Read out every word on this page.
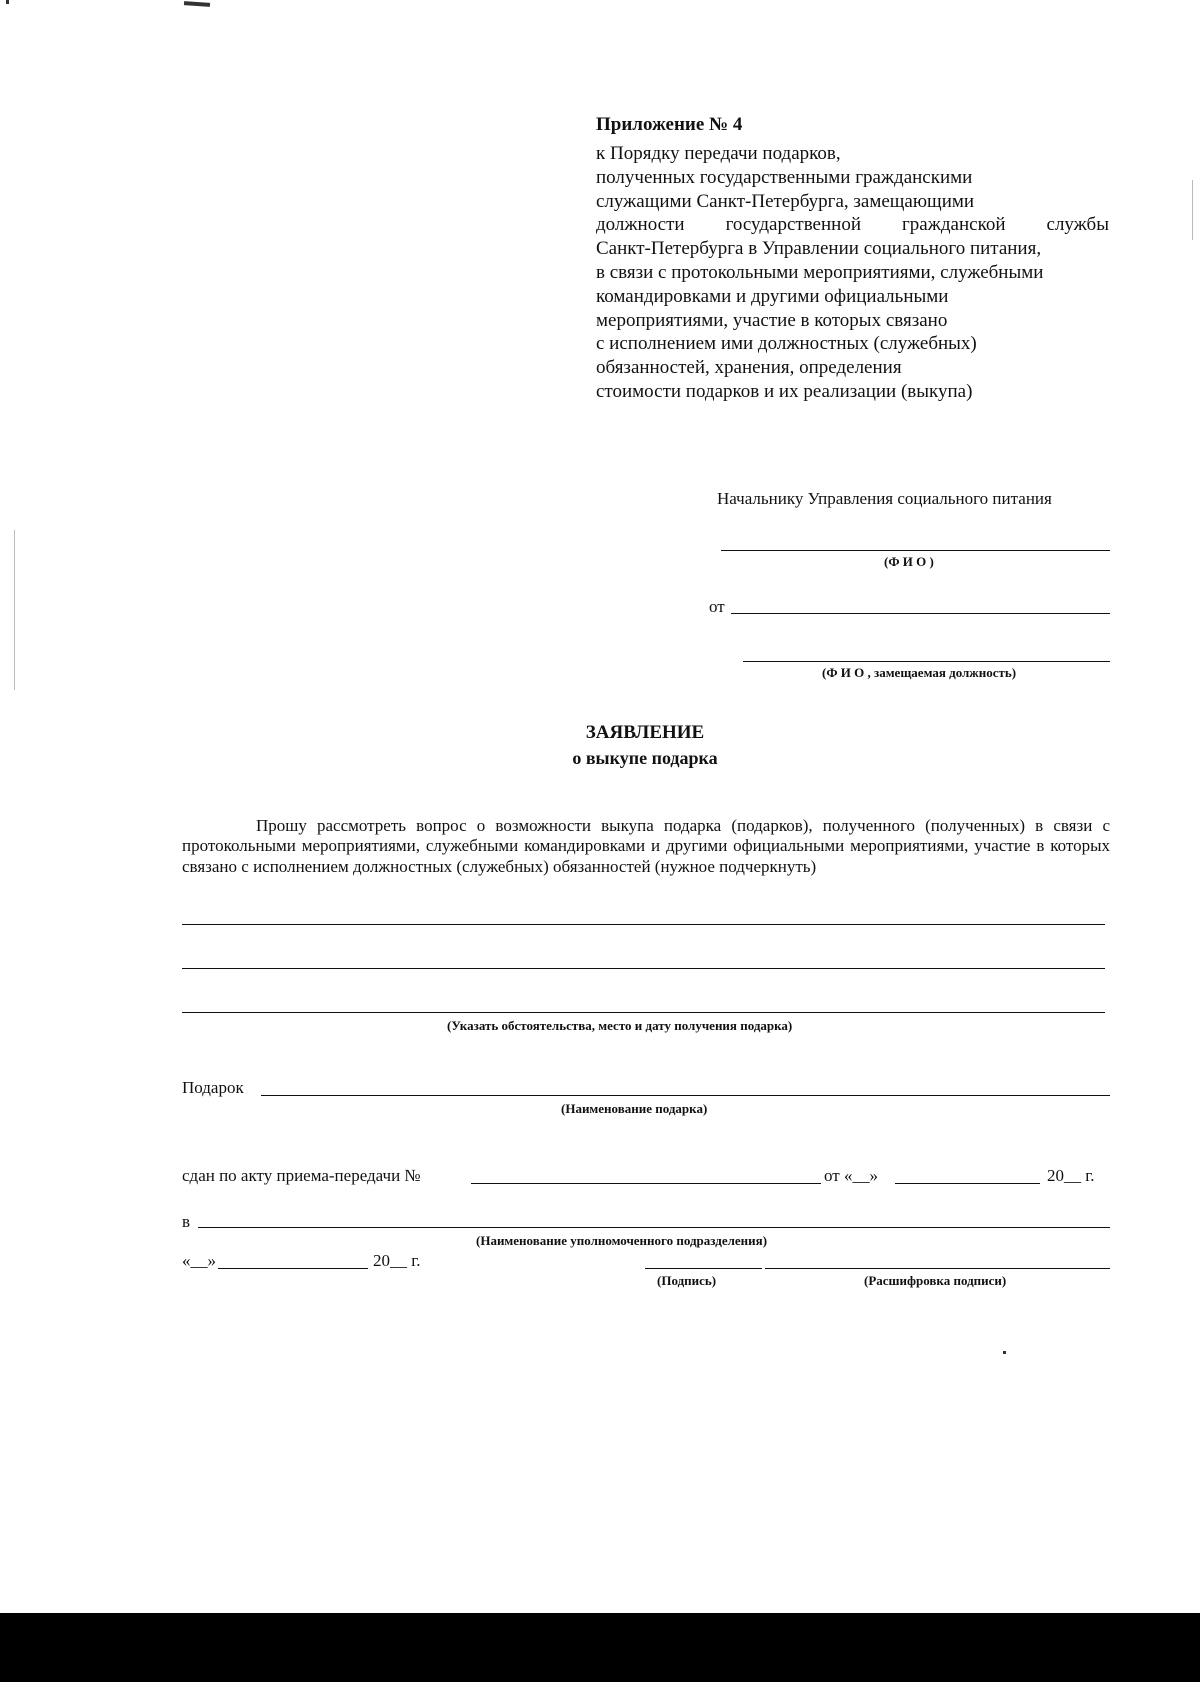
Приложение № 4
к Порядку передачи подарков,
полученных государственными гражданскими
служащими Санкт-Петербурга, замещающими
должности государственной гражданской службы
Санкт-Петербурга в Управлении социального питания,
в связи с протокольными мероприятиями, служебными
командировками и другими официальными
мероприятиями, участие в которых связано
с исполнением ими должностных (служебных)
обязанностей, хранения, определения
стоимости подарков и их реализации (выкупа)
Начальнику Управления социального питания
(Ф И О )
от
(Ф И О , замещаемая должность)
ЗАЯВЛЕНИЕ
о выкупе подарка
Прошу рассмотреть вопрос о возможности выкупа подарка (подарков), полученного (полученных) в связи с протокольными мероприятиями, служебными командировками и другими официальными мероприятиями, участие в которых связано с исполнением должностных (служебных) обязанностей (нужное подчеркнуть)
(Указать обстоятельства, место и дату получения подарка)
Подарок
(Наименование подарка)
сдан по акту приема-передачи №	от «__»	20__ г.
в
(Наименование уполномоченного подразделения)
«__»	20__ г.
(Подпись)	(Расшифровка подписи)
